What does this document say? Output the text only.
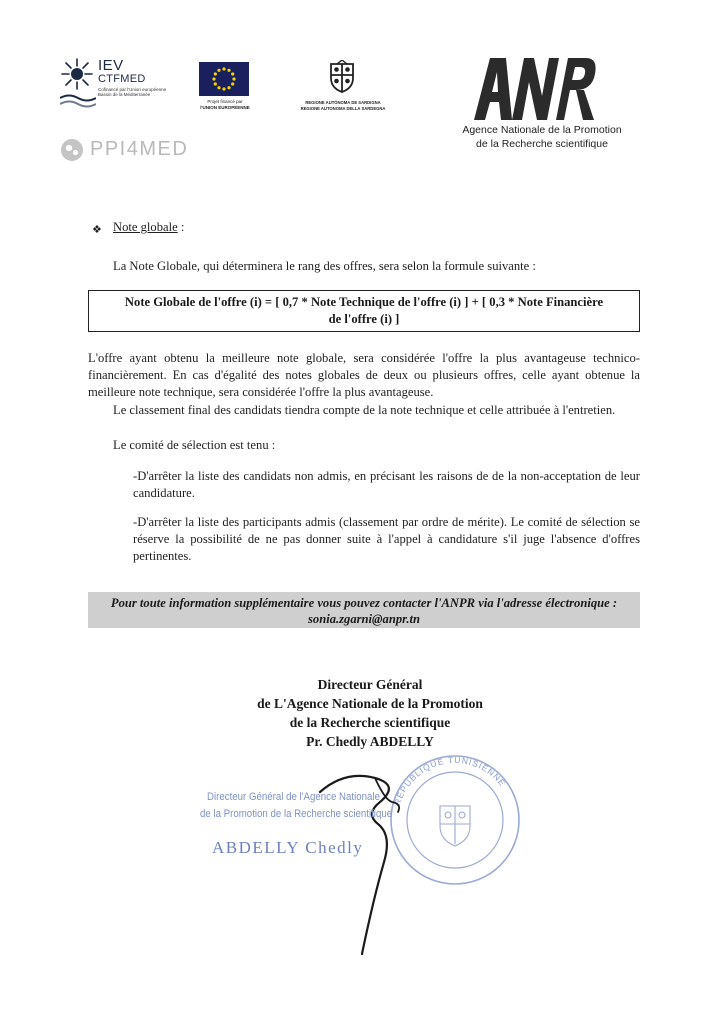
IEV
CTFMED
Cofinancé par l'Union européenne Bassin de la Méditerranée
Projet financé par
l'UNION EUROPÉENNE
REGIONE AUTÓNOMA DE SARDIGNA
REGIONE AUTONOMA DELLA SARDEGNA
Agence Nationale de la Promotion
de la Recherche scientifique
PPI4MED
❖ Note globale :
La Note Globale, qui déterminera le rang des offres, sera selon la formule suivante :
Note Globale de l'offre (i) = [ 0,7 * Note Technique de l'offre (i) ] + [ 0,3 * Note Financière
de l'offre (i) ]
L'offre ayant obtenu la meilleure note globale, sera considérée l'offre la plus avantageuse technico-financièrement. En cas d'égalité des notes globales de deux ou plusieurs offres, celle ayant obtenue la meilleure note technique, sera considérée l'offre la plus avantageuse.
Le classement final des candidats tiendra compte de la note technique et celle attribuée à l'entretien.
Le comité de sélection est tenu :
-D'arrêter la liste des candidats non admis, en précisant les raisons de de la non-acceptation de leur candidature.
-D'arrêter la liste des participants admis (classement par ordre de mérite). Le comité de sélection se réserve la possibilité de ne pas donner suite à l'appel à candidature s'il juge l'absence d'offres pertinentes.
Pour toute information supplémentaire vous pouvez contacter l'ANPR via l'adresse électronique :
sonia.zgarni@anpr.tn
Directeur Général
de L'Agence Nationale de la Promotion
de la Recherche scientifique
Pr. Chedly ABDELLY
REPUBLIQUE TUNISIENNE
Directeur Général de l'Agence Nationale
de la Promotion de la Recherche scientifique
ABDELLY Chedly
